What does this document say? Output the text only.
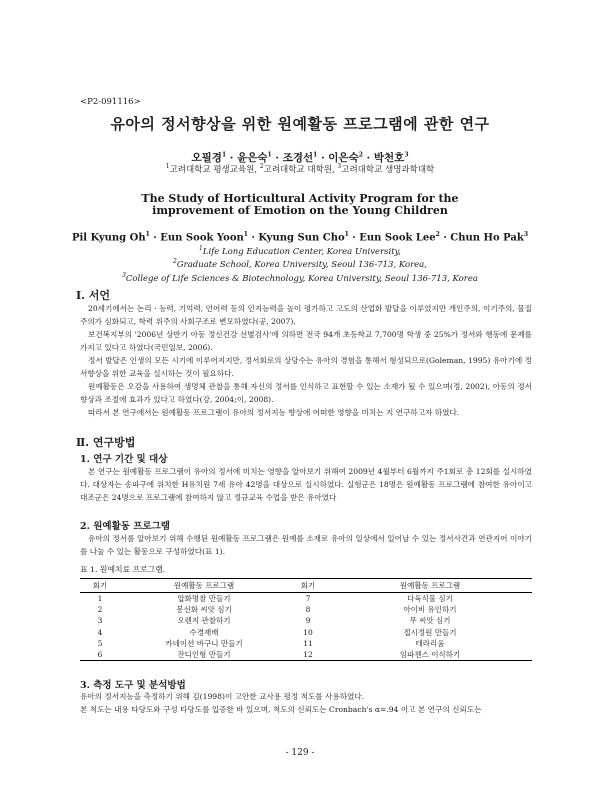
<P2-091116>
유아의 정서향상을 위한 원예활동 프로그램에 관한 연구
오필경$^1$ · 윤은숙$^1$ · 조경선$^1$ · 이은숙$^2$ · 박천호$^3$
$^1$고려대학교 평생교육원, $^2$고려대학교 대학원, $^3$고려대학교 생명과학대학
The Study of Horticultural Activity Program for the improvement of Emotion on the Young Children
Pil Kyung $Oh^1$ · Eun Sook Yoon$^1$ · Kyung Sun Cho$^1$ · Eun Sook Lee$^2$ · Chun Ho Pak$^3$
$^1$Life Long Education Center, Korea University,
$^2$Graduate School, Korea University, Seoul 136-713, Korea,
$^3$College of Life Sciences & Biotechnology, Korea University, Seoul 136-713, Korea
Ⅰ. 서언

20세기에서는 논리 · 능력, 기억력, 언어력 등의 인지능력을 높이 평가하고 고도의 산업화 발달을 이루었지만 개인주의, 이기주의, 물질주의가 심화되고, 학력 위주의 사회구조로 변모하였다(공, 2007).

보건복지부의 '2006년 상반기 아동 정신건강 선별검사'에 의하면 전국 94개 초등학교 7,700명 학생 중 25%가 정서와 행동에 문제를 가지고 있다고 하였다(국민일보, 2006).

정서 발달은 인생의 모든 시기에 이루어지지만, 정서회로의 상당수는 유아의 경험을 통해서 형성되므로(Goleman, 1995) 유아기에 정서향상을 위한 교육을 실시하는 것이 필요하다.

원예활동은 오감을 사용하여 생명체 관찰을 통해 자신의 정서를 인식하고 표현할 수 있는 소재가 될 수 있으며(정, 2002), 아동의 정서향상과 조절에 효과가 있다고 하였다(강, 2004;이, 2008).

따라서 본 연구에서는 원예활동 프로그램이 유아의 정서지능 향상에 어떠한 영향을 미치는 지 연구하고자 하였다.

Ⅱ. 연구방법
1. 연구 기간 및 대상

본 연구는 원예활동 프로그램이 유아의 정서에 미치는 영향을 알아보기 위해여 2009년 4월부터 6월까지 주1회로 총 12회를 실시하였다. 대상자는 송파구에 위치한 H유치원 7세 유아 42명을 대상으로 실시하였다. 실험군은 18명은 원예활동 프로그램에 참여한 유아이고 대조군은 24명으로 프로그램에 참여하지 않고 정규교육 수업을 받은 유아였다

2. 원예활동 프로그램

유아의 정서를 알아보기 위해 수행된 원예활동 프로그램은 원예를 소재로 유아의 일상에서 일어날 수 있는 정서사건과 연관지어 이야기를 나눌 수 있는 활동으로 구성하였다(표 1).

표 1. 원예치료 프로그램.
회기	원예활동 프로그램	회기	원예활동 프로그램
1	압화명찰 만들기	7	다육식물 심기
2	봉선화 씨앗 심기	8	아이비 유인하기
3	오렌지 관찰하기	9	무 씨앗 심기
4	수경재배	10	접시정원 만들기
5	카네이션 바구니 만들기	11	테라리움
6	잔디인형 만들기	12	임파첸스 이식하기
3. 측정 도구 및 분석방법

유아의 정서지능을 측정하기 위해 김(1998)이 고안한 교사용 평정 척도를 사용하였다.

본 척도는 내용 타당도와 구성 타당도를 입증한 바 있으며, 척도의 신뢰도는 Cronbach's α=.94 이고 본 연구의 신뢰도는

- 129 -
